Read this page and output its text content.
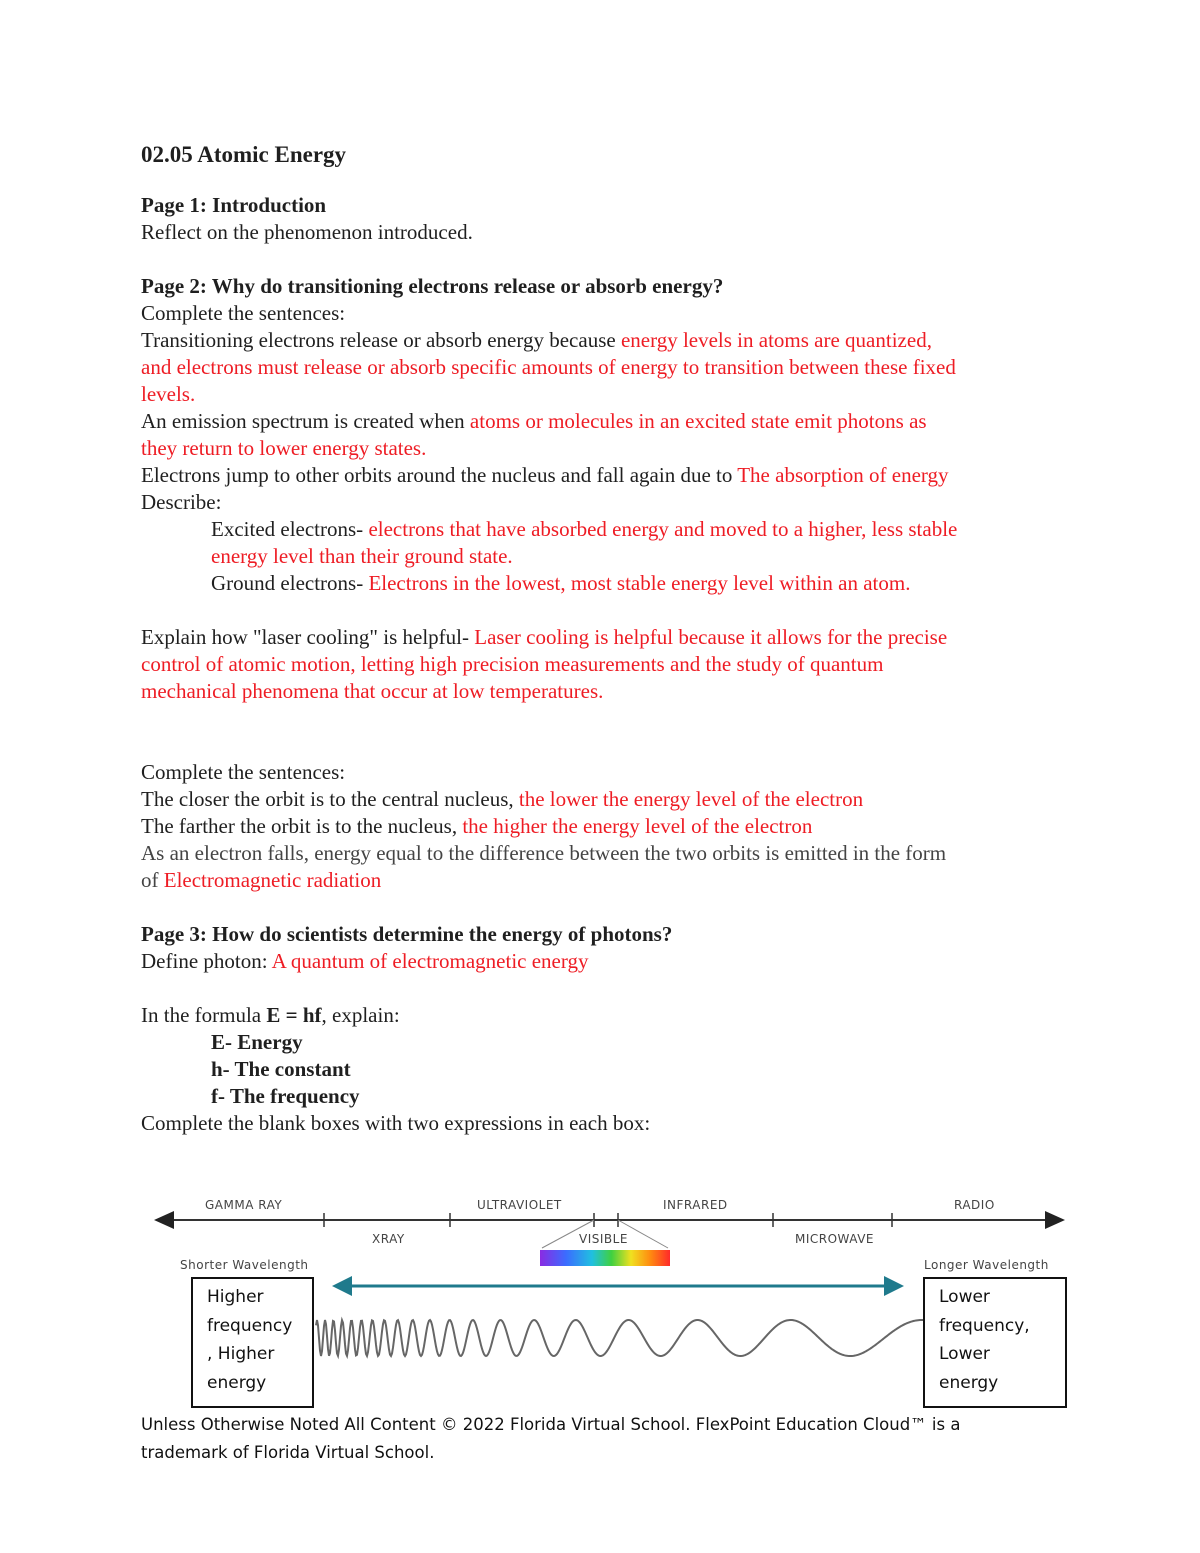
02.05 Atomic Energy
Page 1: Introduction
Reflect on the phenomenon introduced.
Page 2: Why do transitioning electrons release or absorb energy?
Complete the sentences:
Transitioning electrons release or absorb energy because energy levels in atoms are quantized,
and electrons must release or absorb specific amounts of energy to transition between these fixed
levels.
An emission spectrum is created when atoms or molecules in an excited state emit photons as
they return to lower energy states.
Electrons jump to other orbits around the nucleus and fall again due to The absorption of energy
Describe:
Excited electrons- electrons that have absorbed energy and moved to a higher, less stable
energy level than their ground state.
Ground electrons- Electrons in the lowest, most stable energy level within an atom.
Explain how "laser cooling" is helpful- Laser cooling is helpful because it allows for the precise
control of atomic motion, letting high precision measurements and the study of quantum
mechanical phenomena that occur at low temperatures.
Complete the sentences:
The closer the orbit is to the central nucleus, the lower the energy level of the electron
The farther the orbit is to the nucleus, the higher the energy level of the electron
As an electron falls, energy equal to the difference between the two orbits is emitted in the form
of Electromagnetic radiation
Page 3: How do scientists determine the energy of photons?
Define photon: A quantum of electromagnetic energy
In the formula E = hf, explain:
E- Energy
h- The constant
f- The frequency
Complete the blank boxes with two expressions in each box:
GAMMA RAY
XRAY
ULTRAVIOLET
VISIBLE
INFRARED
MICROWAVE
RADIO
Shorter Wavelength	Longer Wavelength
Higher
frequency
, Higher
energy
Lower
frequency,
Lower
energy
Unless Otherwise Noted All Content © 2022 Florida Virtual School. FlexPoint Education Cloud™ is a
trademark of Florida Virtual School.
